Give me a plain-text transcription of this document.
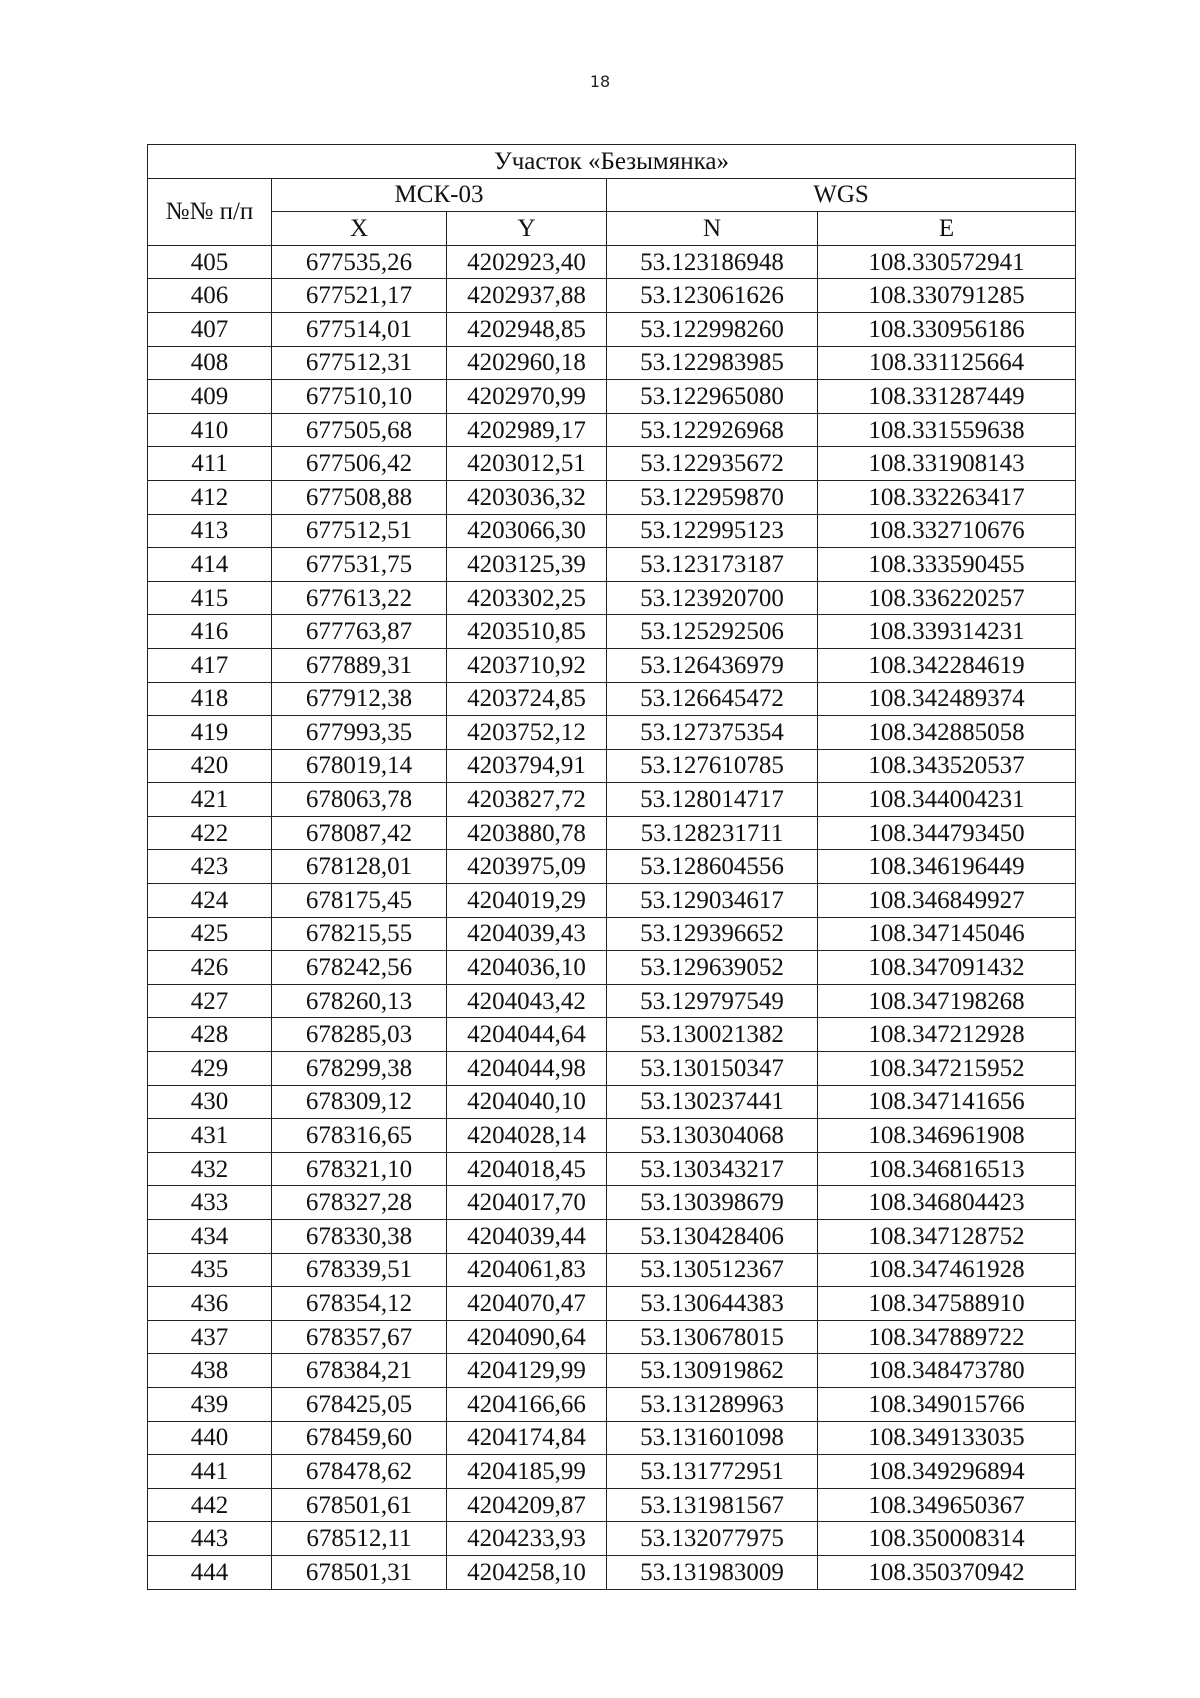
18
Участок «Безымянка»				
№№ п/п	МСК-03		WGS	
	X	Y	N	E
405	677535,26	4202923,40	53.123186948	108.330572941
406	677521,17	4202937,88	53.123061626	108.330791285
407	677514,01	4202948,85	53.122998260	108.330956186
408	677512,31	4202960,18	53.122983985	108.331125664
409	677510,10	4202970,99	53.122965080	108.331287449
410	677505,68	4202989,17	53.122926968	108.331559638
411	677506,42	4203012,51	53.122935672	108.331908143
412	677508,88	4203036,32	53.122959870	108.332263417
413	677512,51	4203066,30	53.122995123	108.332710676
414	677531,75	4203125,39	53.123173187	108.333590455
415	677613,22	4203302,25	53.123920700	108.336220257
416	677763,87	4203510,85	53.125292506	108.339314231
417	677889,31	4203710,92	53.126436979	108.342284619
418	677912,38	4203724,85	53.126645472	108.342489374
419	677993,35	4203752,12	53.127375354	108.342885058
420	678019,14	4203794,91	53.127610785	108.343520537
421	678063,78	4203827,72	53.128014717	108.344004231
422	678087,42	4203880,78	53.128231711	108.344793450
423	678128,01	4203975,09	53.128604556	108.346196449
424	678175,45	4204019,29	53.129034617	108.346849927
425	678215,55	4204039,43	53.129396652	108.347145046
426	678242,56	4204036,10	53.129639052	108.347091432
427	678260,13	4204043,42	53.129797549	108.347198268
428	678285,03	4204044,64	53.130021382	108.347212928
429	678299,38	4204044,98	53.130150347	108.347215952
430	678309,12	4204040,10	53.130237441	108.347141656
431	678316,65	4204028,14	53.130304068	108.346961908
432	678321,10	4204018,45	53.130343217	108.346816513
433	678327,28	4204017,70	53.130398679	108.346804423
434	678330,38	4204039,44	53.130428406	108.347128752
435	678339,51	4204061,83	53.130512367	108.347461928
436	678354,12	4204070,47	53.130644383	108.347588910
437	678357,67	4204090,64	53.130678015	108.347889722
438	678384,21	4204129,99	53.130919862	108.348473780
439	678425,05	4204166,66	53.131289963	108.349015766
440	678459,60	4204174,84	53.131601098	108.349133035
441	678478,62	4204185,99	53.131772951	108.349296894
442	678501,61	4204209,87	53.131981567	108.349650367
443	678512,11	4204233,93	53.132077975	108.350008314
444	678501,31	4204258,10	53.131983009	108.350370942
